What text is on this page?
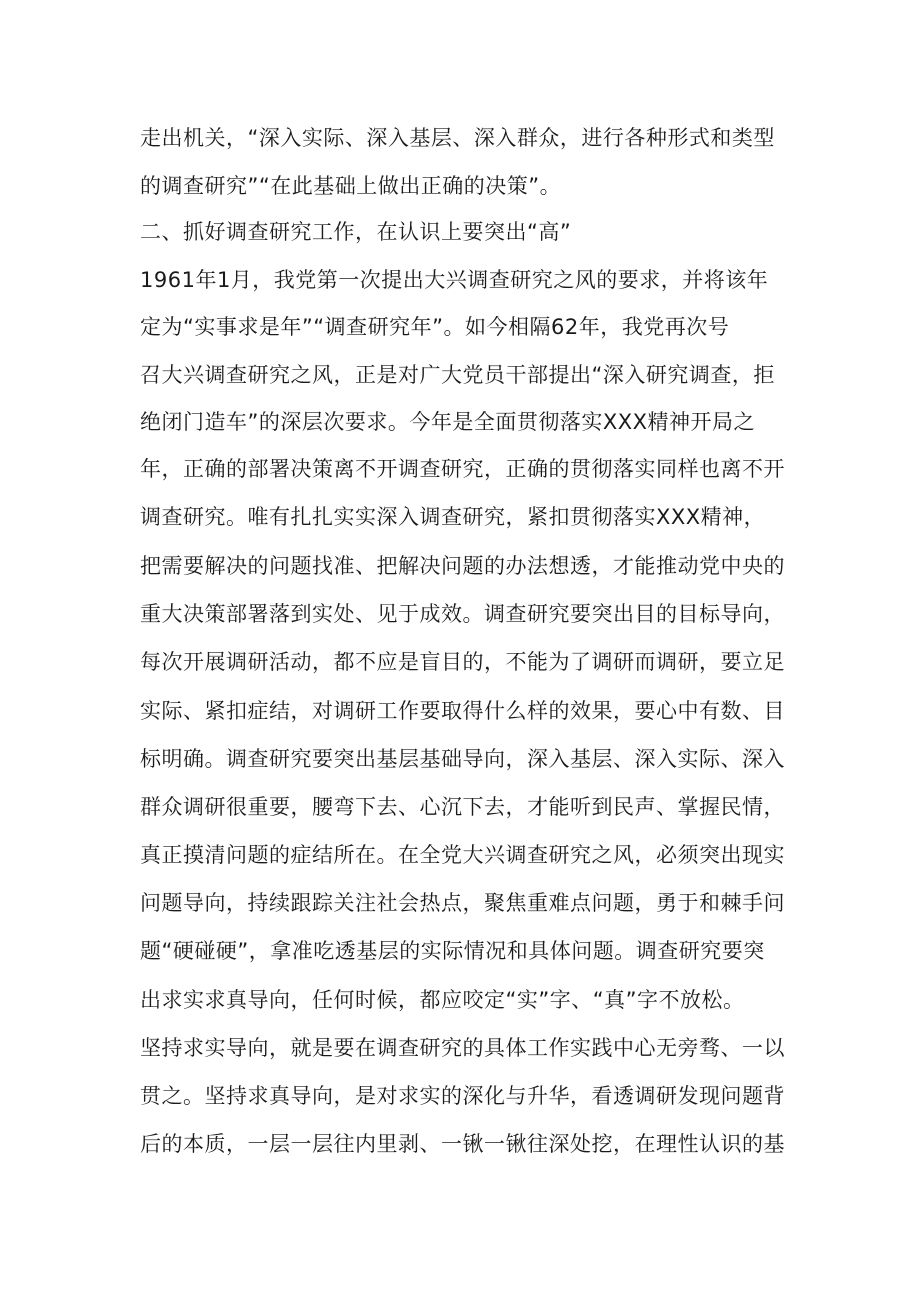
走出机关，“深入实际、深入基层、深入群众，进行各种形式和类型
的调查研究”“在此基础上做出正确的决策”。
二、抓好调查研究工作，在认识上要突出“高”
1961年1月，我党第一次提出大兴调查研究之风的要求，并将该年
定为“实事求是年”“调查研究年”。如今相隔62年，我党再次号
召大兴调查研究之风，正是对广大党员干部提出“深入研究调查，拒
绝闭门造车”的深层次要求。今年是全面贯彻落实XXX精神开局之
年，正确的部署决策离不开调查研究，正确的贯彻落实同样也离不开
调查研究。唯有扎扎实实深入调查研究，紧扣贯彻落实XXX精神，
把需要解决的问题找准、把解决问题的办法想透，才能推动党中央的
重大决策部署落到实处、见于成效。调查研究要突出目的目标导向，
每次开展调研活动，都不应是盲目的，不能为了调研而调研，要立足
实际、紧扣症结，对调研工作要取得什么样的效果，要心中有数、目
标明确。调查研究要突出基层基础导向，深入基层、深入实际、深入
群众调研很重要，腰弯下去、心沉下去，才能听到民声、掌握民情，
真正摸清问题的症结所在。在全党大兴调查研究之风，必须突出现实
问题导向，持续跟踪关注社会热点，聚焦重难点问题，勇于和棘手问
题“硬碰硬”，拿准吃透基层的实际情况和具体问题。调查研究要突
出求实求真导向，任何时候，都应咬定“实”字、“真”字不放松。
坚持求实导向，就是要在调查研究的具体工作实践中心无旁骛、一以
贯之。坚持求真导向，是对求实的深化与升华，看透调研发现问题背
后的本质，一层一层往内里剥、一锹一锹往深处挖，在理性认识的基
